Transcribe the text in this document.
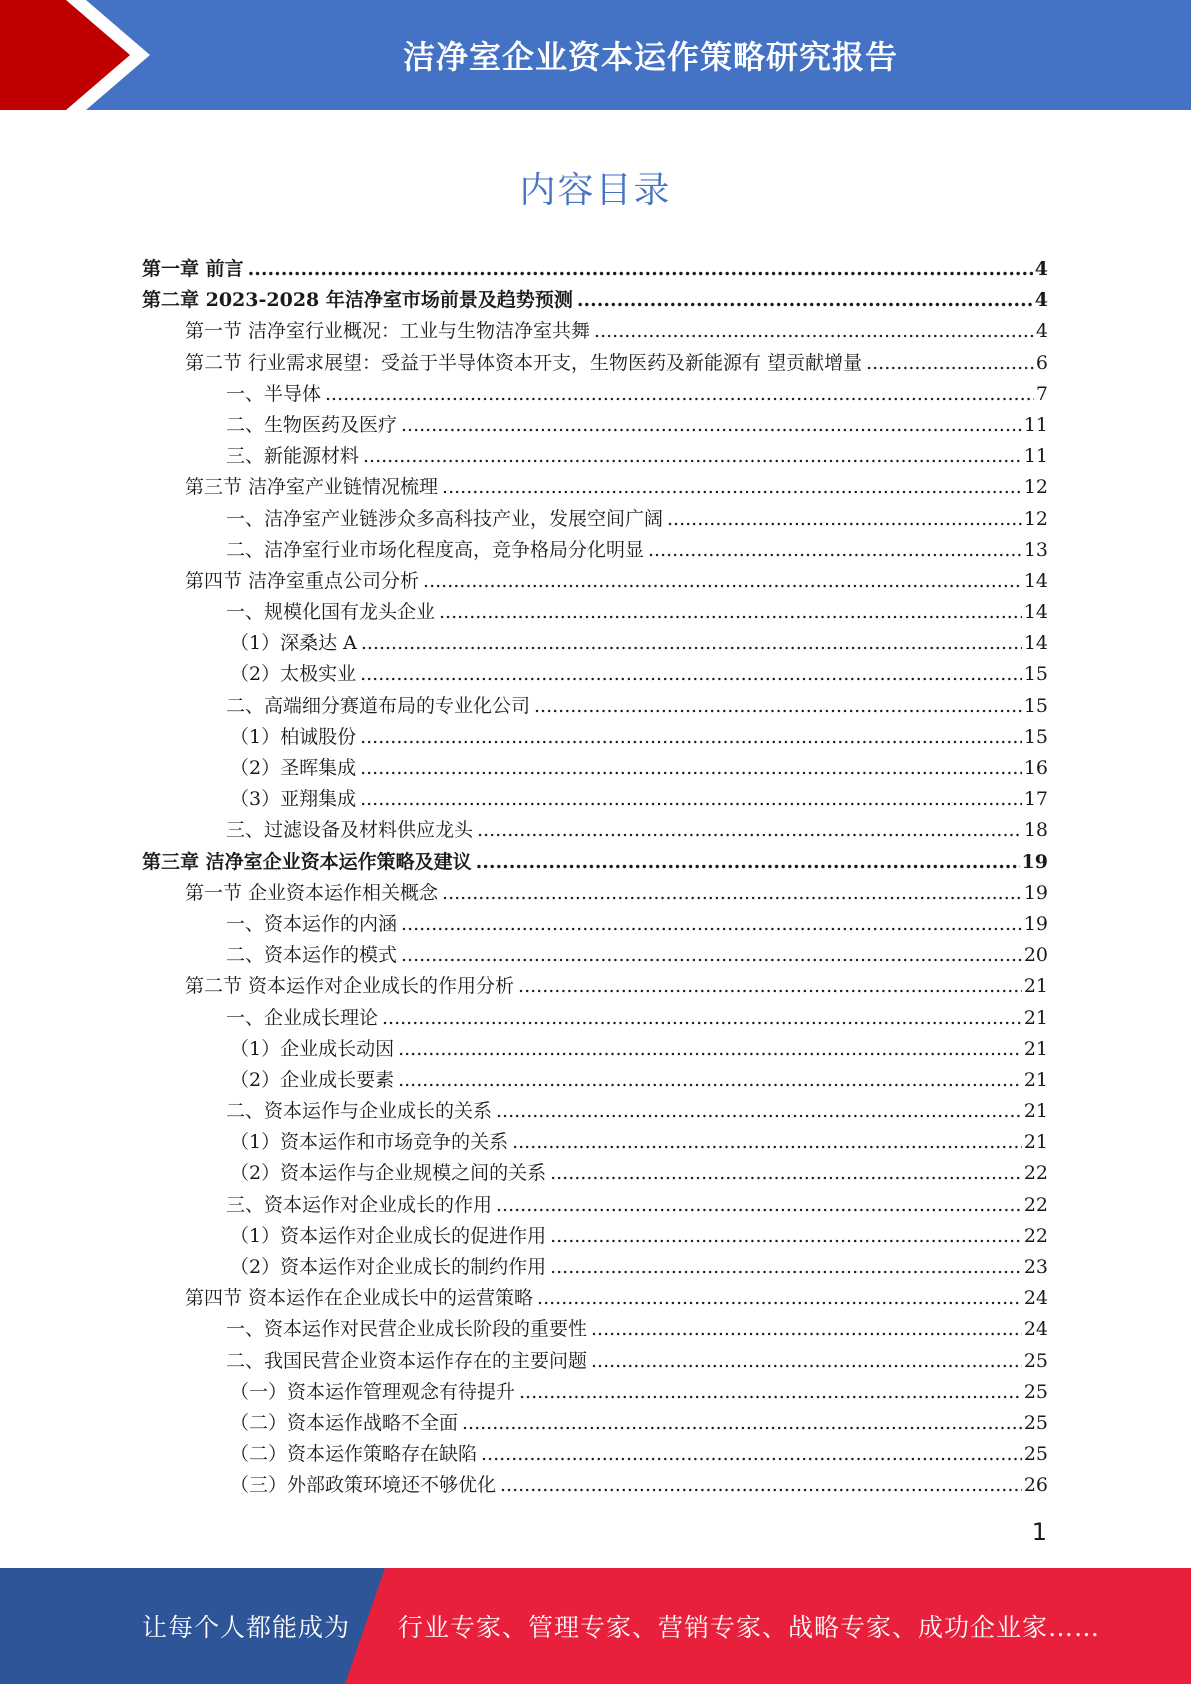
洁净室企业资本运作策略研究报告
内容目录
第一章 前言 .....	4
第二章 2023-2028 年洁净室市场前景及趋势预测 .....	4
第一节 洁净室行业概况：工业与生物洁净室共舞 .....	4
第二节 行业需求展望：受益于半导体资本开支，生物医药及新能源有 望贡献增量 .....	6
一、半导体 .....	7
二、生物医药及医疗 .....	11
三、新能源材料 .....	11
第三节 洁净室产业链情况梳理 .....	12
一、洁净室产业链涉众多高科技产业，发展空间广阔 .....	12
二、洁净室行业市场化程度高，竞争格局分化明显 .....	13
第四节 洁净室重点公司分析 .....	14
一、规模化国有龙头企业 .....	14
（1）深桑达 A .....	14
（2）太极实业 .....	15
二、高端细分赛道布局的专业化公司 .....	15
（1）柏诚股份 .....	15
（2）圣晖集成 .....	16
（3）亚翔集成 .....	17
三、过滤设备及材料供应龙头 .....	18
第三章 洁净室企业资本运作策略及建议 .....	19
第一节 企业资本运作相关概念 .....	19
一、资本运作的内涵 .....	19
二、资本运作的模式 .....	20
第二节 资本运作对企业成长的作用分析 .....	21
一、企业成长理论 .....	21
（1）企业成长动因 .....	21
（2）企业成长要素 .....	21
二、资本运作与企业成长的关系 .....	21
（1）资本运作和市场竞争的关系 .....	21
（2）资本运作与企业规模之间的关系 .....	22
三、资本运作对企业成长的作用 .....	22
（1）资本运作对企业成长的促进作用 .....	22
（2）资本运作对企业成长的制约作用 .....	23
第四节 资本运作在企业成长中的运营策略 .....	24
一、资本运作对民营企业成长阶段的重要性 .....	24
二、我国民营企业资本运作存在的主要问题 .....	25
（一）资本运作管理观念有待提升 .....	25
（二）资本运作战略不全面 .....	25
（二）资本运作策略存在缺陷 .....	25
（三）外部政策环境还不够优化 .....	26
1
让每个人都能成为 行业专家、管理专家、营销专家、战略专家、成功企业家……
